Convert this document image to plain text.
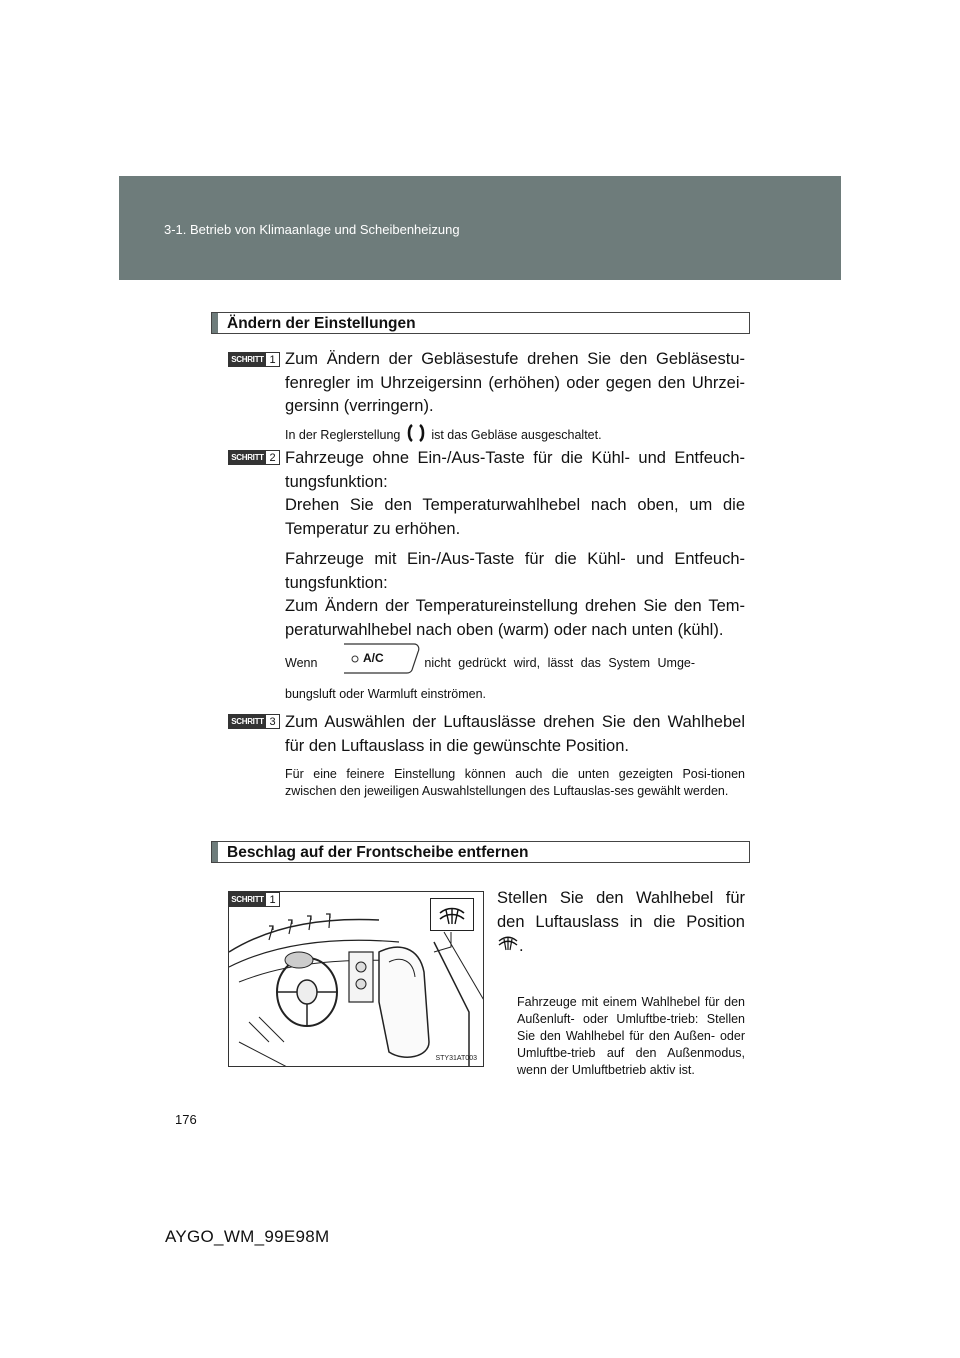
3-1. Betrieb von Klimaanlage und Scheibenheizung
Ändern der Einstellungen
SCHRITT 1 Zum Ändern der Gebläsestufe drehen Sie den Gebläsestu-fenregler im Uhrzeigersinn (erhöhen) oder gegen den Uhrzei-gersinn (verringern).

In der Reglerstellung ist das Gebläse ausgeschaltet.
SCHRITT 2 Fahrzeuge ohne Ein-/Aus-Taste für die Kühl- und Entfeuch-tungsfunktion:

Drehen Sie den Temperaturwahlhebel nach oben, um die Temperatur zu erhöhen.

Fahrzeuge mit Ein-/Aus-Taste für die Kühl- und Entfeuch-tungsfunktion:

Zum Ändern der Temperatureinstellung drehen Sie den Tem-peraturwahlhebel nach oben (warm) oder nach unten (kühl).

Wenn	nicht gedrückt wird, lässt das System Umge-
A/C
bungsluft oder Warmluft einströmen.
SCHRITT 3 Zum Auswählen der Luftauslässe drehen Sie den Wahlhebel für den Luftauslass in die gewünschte Position.

Für eine feinere Einstellung können auch die unten gezeigten Posi-tionen zwischen den jeweiligen Auswahlstellungen des Luftauslas-ses gewählt werden.
Beschlag auf der Frontscheibe entfernen
SCHRITT 1
STY31AT003
Stellen Sie den Wahlhebel für den Luftauslass in die Position .
Fahrzeuge mit einem Wahlhebel für den Außenluft- oder Umluftbe-trieb: Stellen Sie den Wahlhebel für den Außen- oder Umluftbe-trieb auf den Außenmodus, wenn der Umluftbetrieb aktiv ist.
176
AYGO_WM_99E98M
